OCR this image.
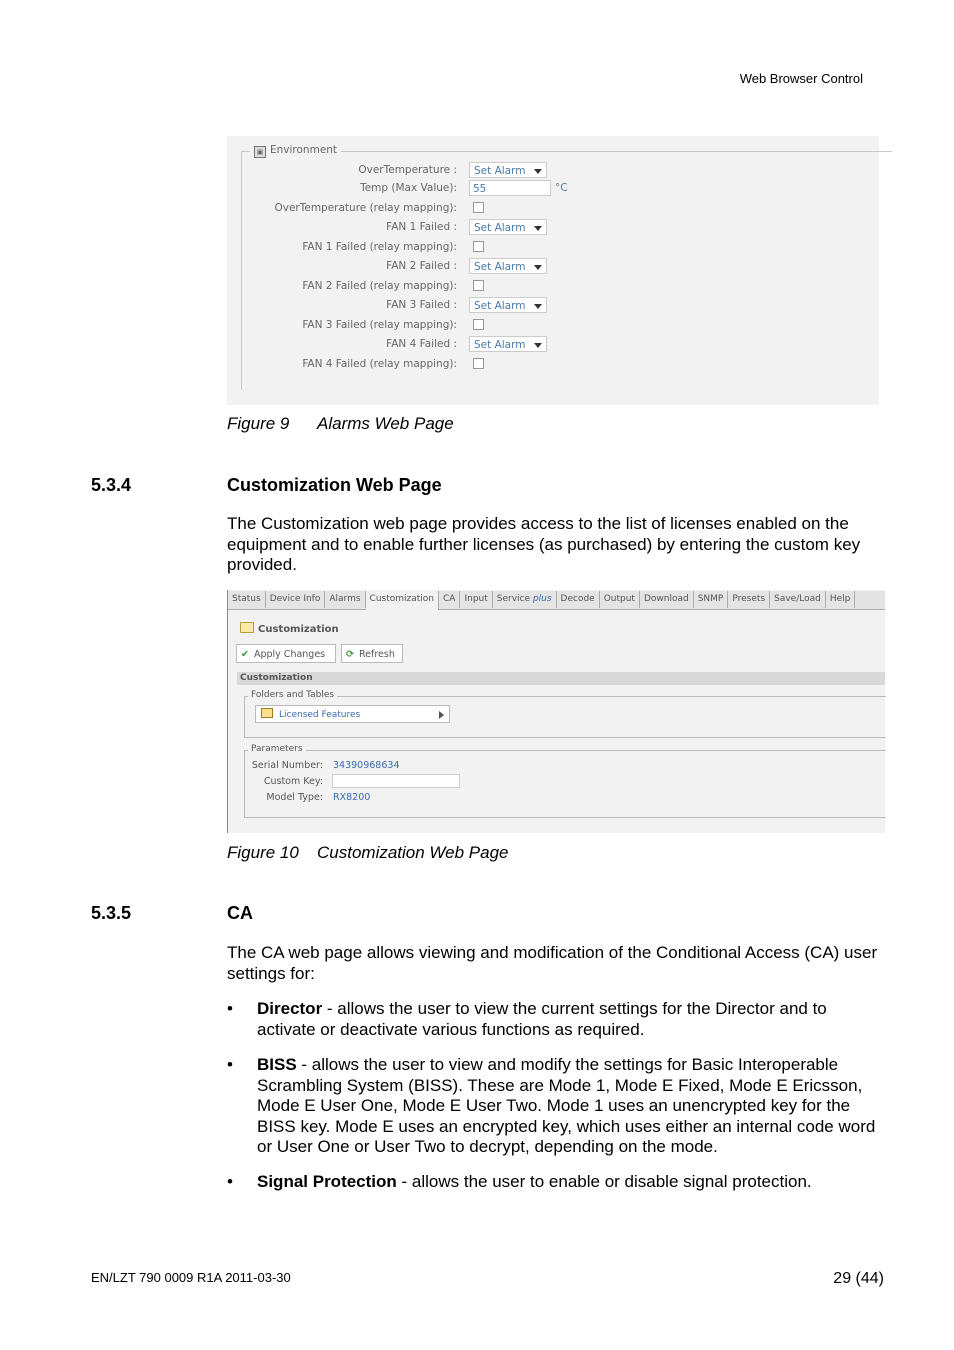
Web Browser Control
▣ Environment
OverTemperature :	Set Alarm
Temp (Max Value):	55	°C
OverTemperature (relay mapping):
FAN 1 Failed :	Set Alarm
FAN 1 Failed (relay mapping):
FAN 2 Failed :	Set Alarm
FAN 2 Failed (relay mapping):
FAN 3 Failed :	Set Alarm
FAN 3 Failed (relay mapping):
FAN 4 Failed :	Set Alarm
FAN 4 Failed (relay mapping):
Figure 9 Alarms Web Page
5.3.4	Customization Web Page
The Customization web page provides access to the list of licenses enabled on the equipment and to enable further licenses (as purchased) by entering the custom key provided.
Status	Device Info	Alarms	Customization	CA	Input	Service plus	Decode	Output	Download	SNMP	Presets	Save/Load	Help
Customization
✔ Apply Changes	⟳ Refresh
Customization
Folders and Tables
Licensed Features
Parameters
Serial Number: 34390968634
Custom Key:
Model Type: RX8200
Figure 10 Customization Web Page
5.3.5	CA
The CA web page allows viewing and modification of the Conditional Access (CA) user settings for:
• Director - allows the user to view the current settings for the Director and to activate or deactivate various functions as required.
• BISS - allows the user to view and modify the settings for Basic Interoperable Scrambling System (BISS). These are Mode 1, Mode E Fixed, Mode E Ericsson, Mode E User One, Mode E User Two. Mode 1 uses an unencrypted key for the BISS key. Mode E uses an encrypted key, which uses either an internal code word or User One or User Two to decrypt, depending on the mode.
• Signal Protection - allows the user to enable or disable signal protection.
EN/LZT 790 0009 R1A 2011-03-30	29 (44)
